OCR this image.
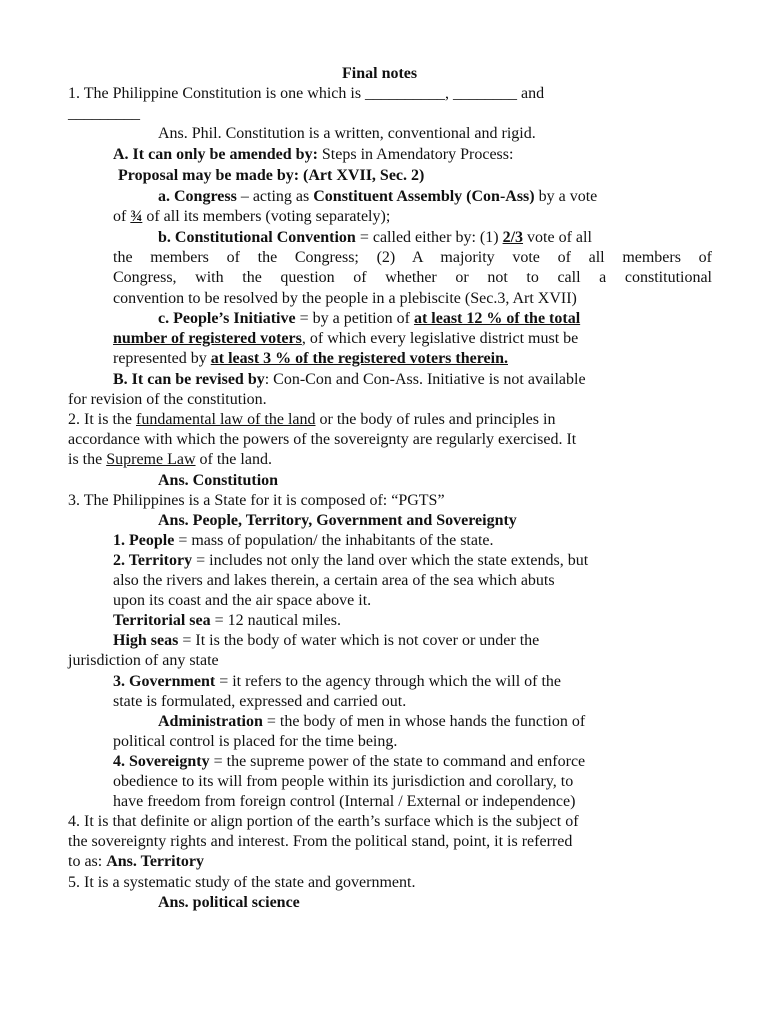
Final notes
1. The Philippine Constitution is one which is __________, ________ and
_________
Ans. Phil. Constitution is a written, conventional and rigid.
A. It can only be amended by: Steps in Amendatory Process:
Proposal may be made by: (Art XVII, Sec. 2)
a. Congress – acting as Constituent Assembly (Con-Ass) by a vote
of ¾ of all its members (voting separately);
b. Constitutional Convention = called either by: (1) 2/3 vote of all
the members of the Congress; (2) A majority vote of all members of
Congress, with the question of whether or not to call a constitutional
convention to be resolved by the people in a plebiscite (Sec.3, Art XVII)
c. People’s Initiative = by a petition of at least 12 % of the total
number of registered voters, of which every legislative district must be
represented by at least 3 % of the registered voters therein.
B. It can be revised by: Con-Con and Con-Ass. Initiative is not available
for revision of the constitution.
2. It is the fundamental law of the land or the body of rules and principles in
accordance with which the powers of the sovereignty are regularly exercised. It
is the Supreme Law of the land.
Ans. Constitution
3. The Philippines is a State for it is composed of: “PGTS”
Ans. People, Territory, Government and Sovereignty
1. People = mass of population/ the inhabitants of the state.
2. Territory = includes not only the land over which the state extends, but
also the rivers and lakes therein, a certain area of the sea which abuts
upon its coast and the air space above it.
Territorial sea = 12 nautical miles.
High seas = It is the body of water which is not cover or under the
jurisdiction of any state
3. Government = it refers to the agency through which the will of the
state is formulated, expressed and carried out.
Administration = the body of men in whose hands the function of
political control is placed for the time being.
4. Sovereignty = the supreme power of the state to command and enforce
obedience to its will from people within its jurisdiction and corollary, to
have freedom from foreign control (Internal / External or independence)
4. It is that definite or align portion of the earth’s surface which is the subject of
the sovereignty rights and interest. From the political stand, point, it is referred
to as: Ans. Territory
5. It is a systematic study of the state and government.
Ans. political science
